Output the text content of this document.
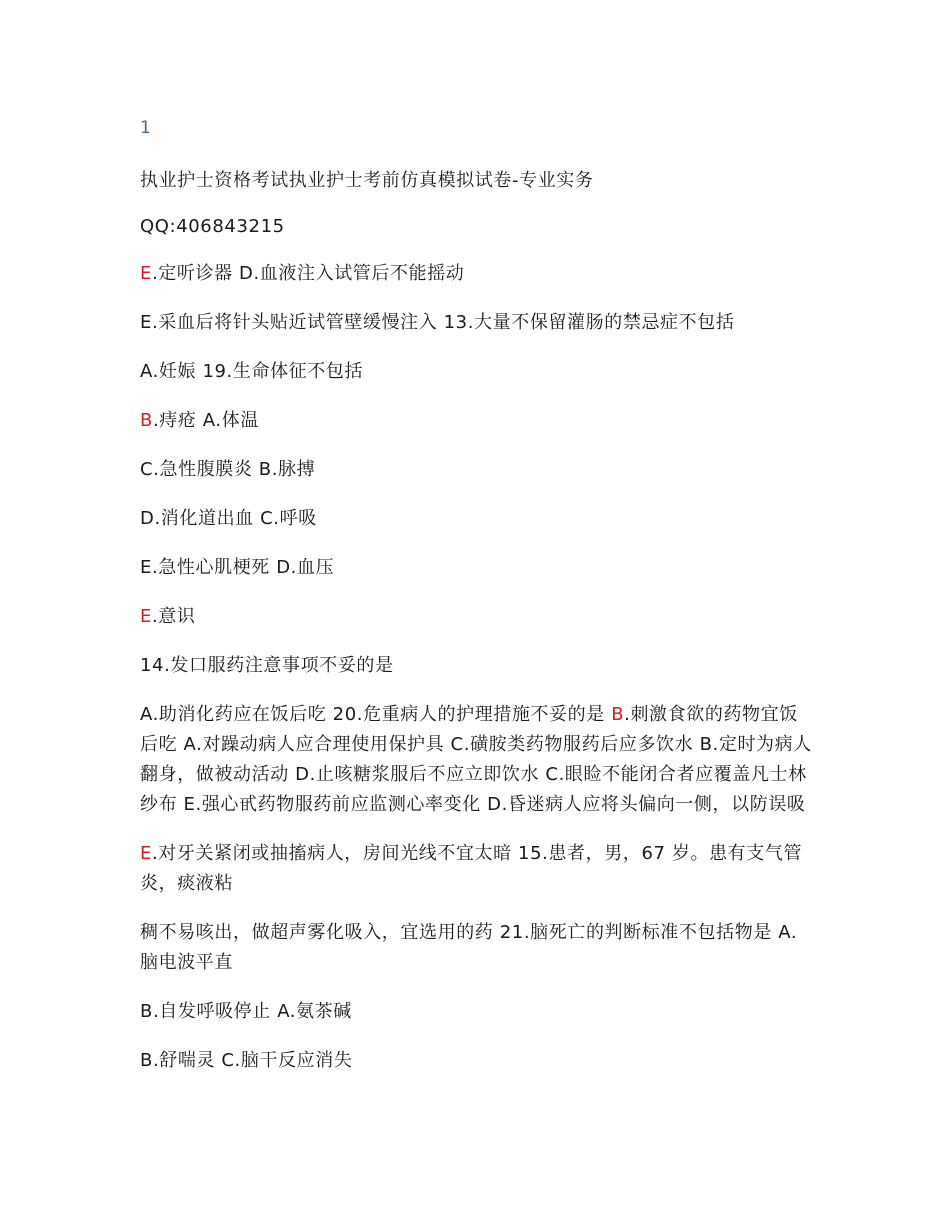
1
执业护士资格考试执业护士考前仿真模拟试卷-专业实务
QQ:406843215

E.定听诊器 D.血液注入试管后不能摇动

E.采血后将针头贴近试管壁缓慢注入 13.大量不保留灌肠的禁忌症不包括

A.妊娠 19.生命体征不包括

B.痔疮 A.体温

C.急性腹膜炎 B.脉搏

D.消化道出血 C.呼吸

E.急性心肌梗死 D.血压

E.意识

14.发口服药注意事项不妥的是

A.助消化药应在饭后吃 20.危重病人的护理措施不妥的是 B.刺激食欲的药物宜饭后吃 A.对躁动病人应合理使用保护具 C.磺胺类药物服药后应多饮水 B.定时为病人翻身，做被动活动 D.止咳糖浆服后不应立即饮水 C.眼睑不能闭合者应覆盖凡士林纱布 E.强心甙药物服药前应监测心率变化 D.昏迷病人应将头偏向一侧，以防误吸

E.对牙关紧闭或抽搐病人，房间光线不宜太暗 15.患者，男，67 岁。患有支气管炎，痰液粘

稠不易咳出，做超声雾化吸入，宜选用的药 21.脑死亡的判断标准不包括物是 A.脑电波平直

B.自发呼吸停止 A.氨茶碱

B.舒喘灵 C.脑干反应消失
